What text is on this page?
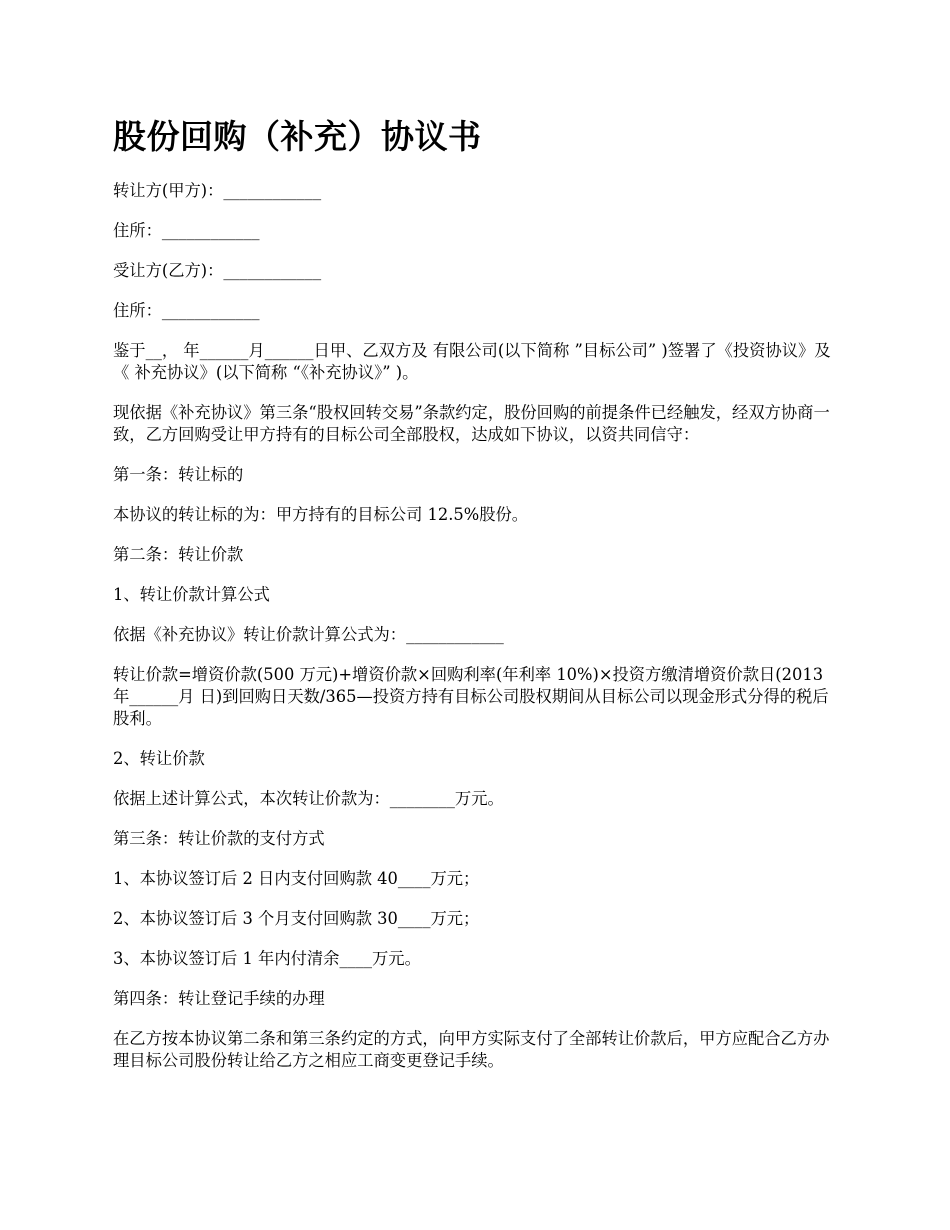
股份回购（补充）协议书

转让方(甲方)：____________

住所：____________

受让方(乙方)：____________

住所：____________

鉴于__， 年______月______日甲、乙双方及 有限公司(以下简称 ”目标公司” )签署了《投资协议》及《 补充协议》(以下简称 “《补充协议》” )。

现依据《补充协议》第三条“股权回转交易”条款约定，股份回购的前提条件已经触发，经双方协商一致，乙方回购受让甲方持有的目标公司全部股权，达成如下协议，以资共同信守：

第一条：转让标的

本协议的转让标的为：甲方持有的目标公司 12.5%股份。

第二条：转让价款

1、转让价款计算公式

依据《补充协议》转让价款计算公式为：____________

转让价款=增资价款(500 万元)+增资价款×回购利率(年利率 10%)×投资方缴清增资价款日(2013 年______月 日)到回购日天数/365—投资方持有目标公司股权期间从目标公司以现金形式分得的税后股利。

2、转让价款

依据上述计算公式，本次转让价款为：________万元。

第三条：转让价款的支付方式

1、本协议签订后 2 日内支付回购款 40____万元；

2、本协议签订后 3 个月支付回购款 30____万元；

3、本协议签订后 1 年内付清余____万元。

第四条：转让登记手续的办理

在乙方按本协议第二条和第三条约定的方式，向甲方实际支付了全部转让价款后，甲方应配合乙方办理目标公司股份转让给乙方之相应工商变更登记手续。
